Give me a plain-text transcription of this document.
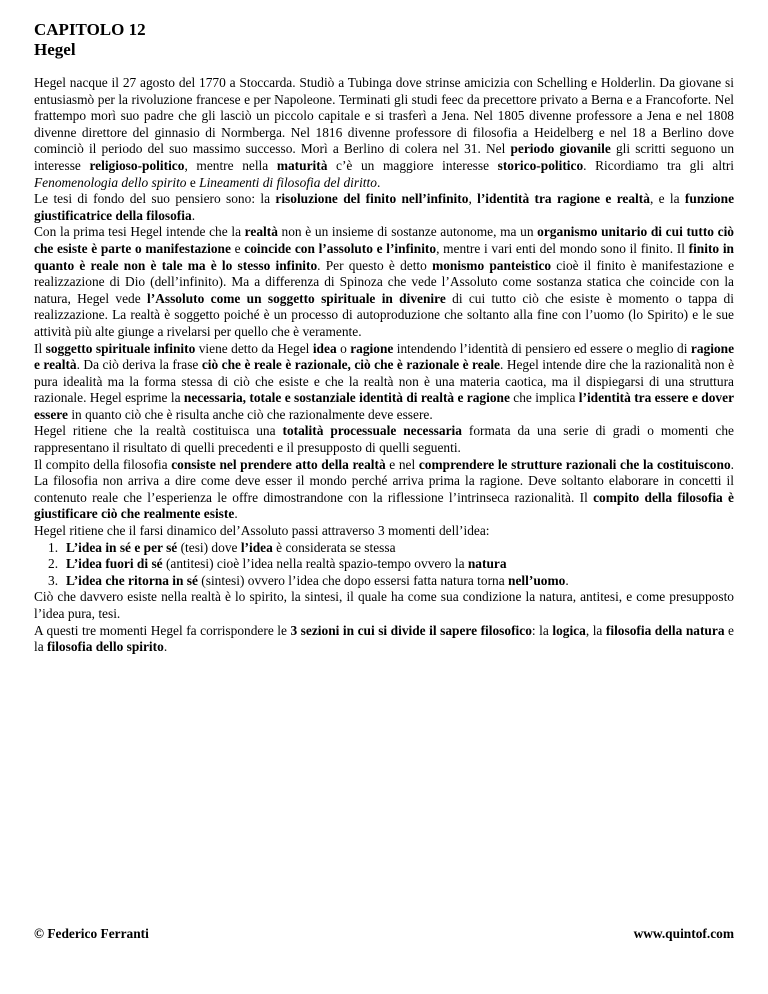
CAPITOLO 12
Hegel

Hegel nacque il 27 agosto del 1770 a Stoccarda. Studiò a Tubinga dove strinse amicizia con Schelling e Holderlin. Da giovane si entusiasmò per la rivoluzione francese e per Napoleone. Terminati gli studi feec da precettore privato a Berna e a Francoforte. Nel frattempo morì suo padre che gli lasciò un piccolo capitale e si trasferì a Jena. Nel 1805 divenne professore a Jena e nel 1808 divenne direttore del ginnasio di Normberga. Nel 1816 divenne professore di filosofia a Heidelberg e nel 18 a Berlino dove cominciò il periodo del suo massimo successo. Morì a Berlino di colera nel 31. Nel periodo giovanile gli scritti seguono un interesse religioso-politico, mentre nella maturità c’è un maggiore interesse storico-politico. Ricordiamo tra gli altri Fenomenologia dello spirito e Lineamenti di filosofia del diritto.

Le tesi di fondo del suo pensiero sono: la risoluzione del finito nell’infinito, l’identità tra ragione e realtà, e la funzione giustificatrice della filosofia.

Con la prima tesi Hegel intende che la realtà non è un insieme di sostanze autonome, ma un organismo unitario di cui tutto ciò che esiste è parte o manifestazione e coincide con l’assoluto e l’infinito, mentre i vari enti del mondo sono il finito. Il finito in quanto è reale non è tale ma è lo stesso infinito. Per questo è detto monismo panteistico cioè il finito è manifestazione e realizzazione di Dio (dell’infinito). Ma a differenza di Spinoza che vede l’Assoluto come sostanza statica che coincide con la natura, Hegel vede l’Assoluto come un soggetto spirituale in divenire di cui tutto ciò che esiste è momento o tappa di realizzazione. La realtà è soggetto poiché è un processo di autoproduzione che soltanto alla fine con l’uomo (lo Spirito) e le sue attività più alte giunge a rivelarsi per quello che è veramente.

Il soggetto spirituale infinito viene detto da Hegel idea o ragione intendendo l’identità di pensiero ed essere o meglio di ragione e realtà. Da ciò deriva la frase ciò che è reale è razionale, ciò che è razionale è reale. Hegel intende dire che la razionalità non è pura idealità ma la forma stessa di ciò che esiste e che la realtà non è una materia caotica, ma il dispiegarsi di una struttura razionale. Hegel esprime la necessaria, totale e sostanziale identità di realtà e ragione che implica l’identità tra essere e dover essere in quanto ciò che è risulta anche ciò che razionalmente deve essere.

Hegel ritiene che la realtà costituisca una totalità processuale necessaria formata da una serie di gradi o momenti che rappresentano il risultato di quelli precedenti e il presupposto di quelli seguenti.

Il compito della filosofia consiste nel prendere atto della realtà e nel comprendere le strutture razionali che la costituiscono. La filosofia non arriva a dire come deve esser il mondo perché arriva prima la ragione. Deve soltanto elaborare in concetti il contenuto reale che l’esperienza le offre dimostrandone con la riflessione l’intrinseca razionalità. Il compito della filosofia è giustificare ciò che realmente esiste.

Hegel ritiene che il farsi dinamico del’Assoluto passi attraverso 3 momenti dell’idea:

1. L’idea in sé e per sé (tesi) dove l’idea è considerata se stessa
2. L’idea fuori di sé (antitesi) cioè l’idea nella realtà spazio-tempo ovvero la natura
3. L’idea che ritorna in sé (sintesi) ovvero l’idea che dopo essersi fatta natura torna nell’uomo.

Ciò che davvero esiste nella realtà è lo spirito, la sintesi, il quale ha come sua condizione la natura, antitesi, e come presupposto l’idea pura, tesi.

A questi tre momenti Hegel fa corrispondere le 3 sezioni in cui si divide il sapere filosofico: la logica, la filosofia della natura e la filosofia dello spirito.

© Federico Ferranti	www.quintof.com
